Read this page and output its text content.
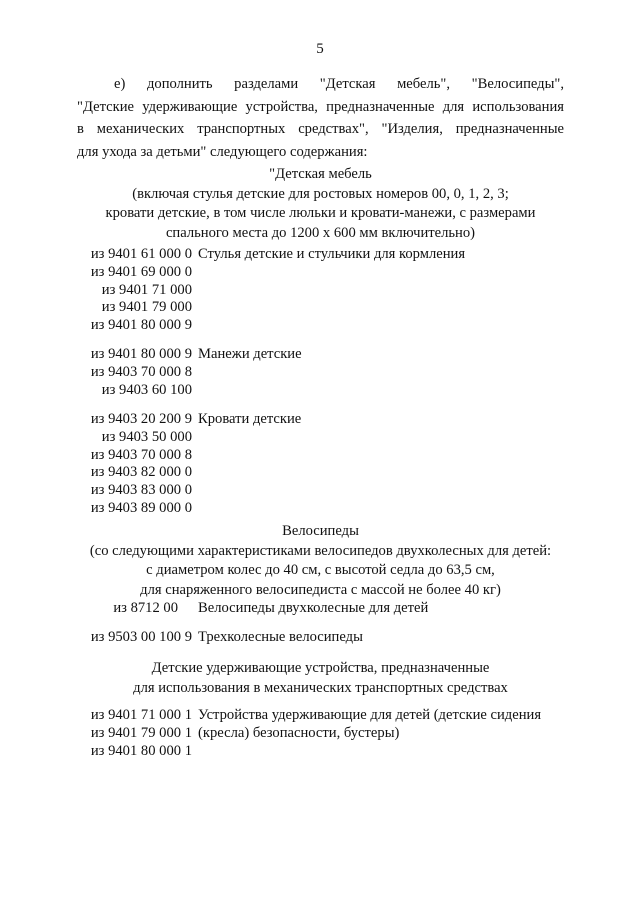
5
е) дополнить разделами "Детская мебель", "Велосипеды",
"Детские удерживающие устройства, предназначенные для использования
в механических транспортных средствах", "Изделия, предназначенные
для ухода за детьми" следующего содержания:
"Детская мебель
(включая стулья детские для ростовых номеров 00, 0, 1, 2, 3;
кровати детские, в том числе люльки и кровати-манежи, с размерами
спального места до 1200 х 600 мм включительно)
из 9401 61 000 0
из 9401 69 000 0
из 9401 71 000
из 9401 79 000
из 9401 80 000 9
Стулья детские и стульчики для кормления
из 9401 80 000 9
из 9403 70 000 8
из 9403 60 100
Манежи детские
из 9403 20 200 9
из 9403 50 000
из 9403 70 000 8
из 9403 82 000 0
из 9403 83 000 0
из 9403 89 000 0
Кровати детские
Велосипеды
(со следующими характеристиками велосипедов двухколесных для детей:
с диаметром колес до 40 см, с высотой седла до 63,5 см,
для снаряженного велосипедиста с массой не более 40 кг)
из 8712 00 Велосипеды двухколесные для детей
из 9503 00 100 9 Трехколесные велосипеды
Детские удерживающие устройства, предназначенные
для использования в механических транспортных средствах
из 9401 71 000 1
из 9401 79 000 1
из 9401 80 000 1
Устройства удерживающие для детей (детские сидения
(кресла) безопасности, бустеры)
